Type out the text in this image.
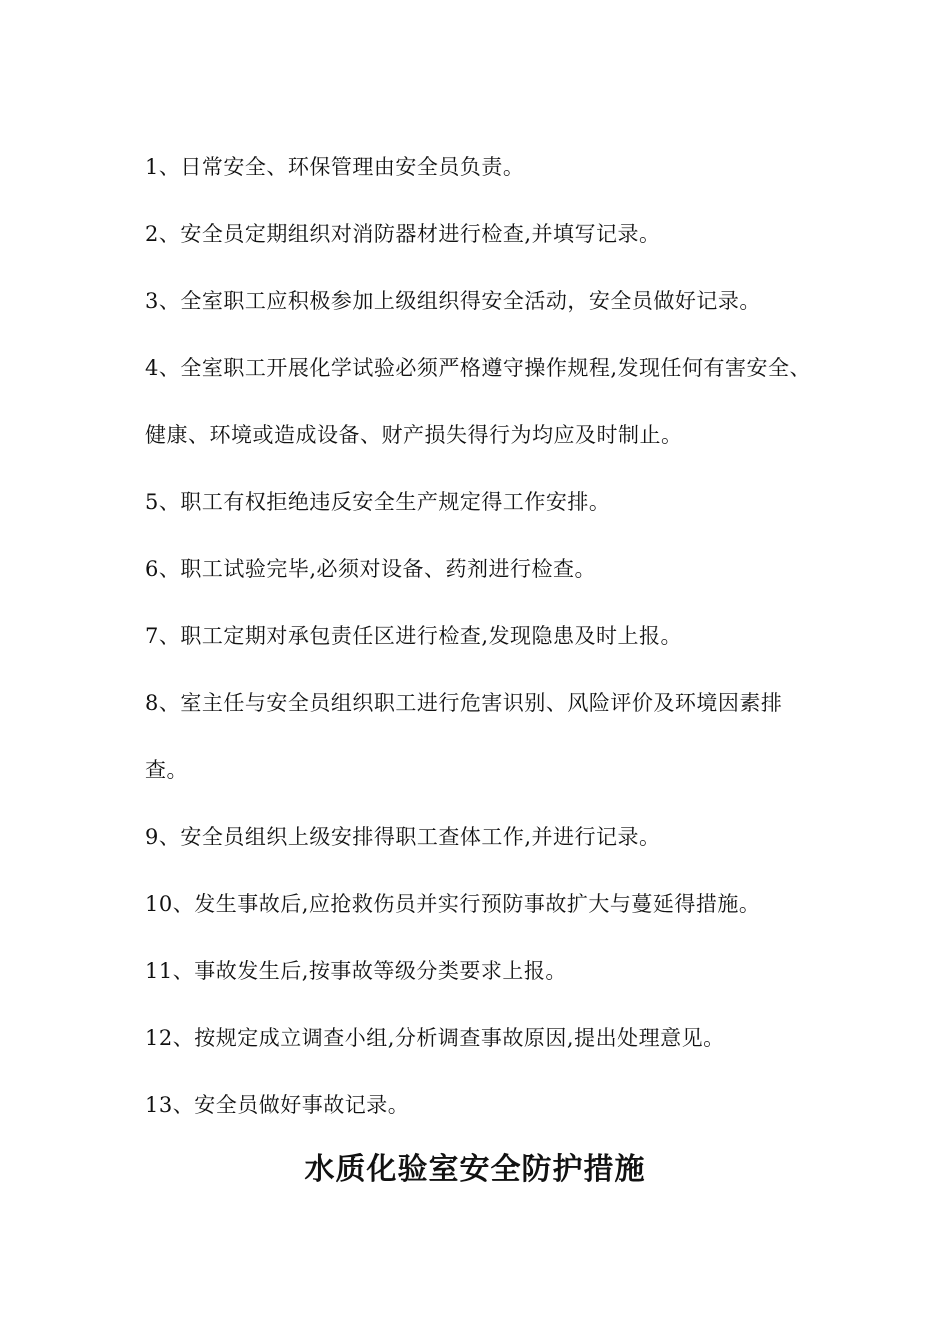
1、日常安全、环保管理由安全员负责。

2、安全员定期组织对消防器材进行检查,并填写记录。

3、全室职工应积极参加上级组织得安全活动，安全员做好记录。

4、全室职工开展化学试验必须严格遵守操作规程,发现任何有害安全、健康、环境或造成设备、财产损失得行为均应及时制止。

5、职工有权拒绝违反安全生产规定得工作安排。

6、职工试验完毕,必须对设备、药剂进行检查。

7、职工定期对承包责任区进行检查,发现隐患及时上报。

8、室主任与安全员组织职工进行危害识别、风险评价及环境因素排查。

9、安全员组织上级安排得职工查体工作,并进行记录。

10、发生事故后,应抢救伤员并实行预防事故扩大与蔓延得措施。

11、事故发生后,按事故等级分类要求上报。

12、按规定成立调查小组,分析调查事故原因,提出处理意见。

13、安全员做好事故记录。

水质化验室安全防护措施
